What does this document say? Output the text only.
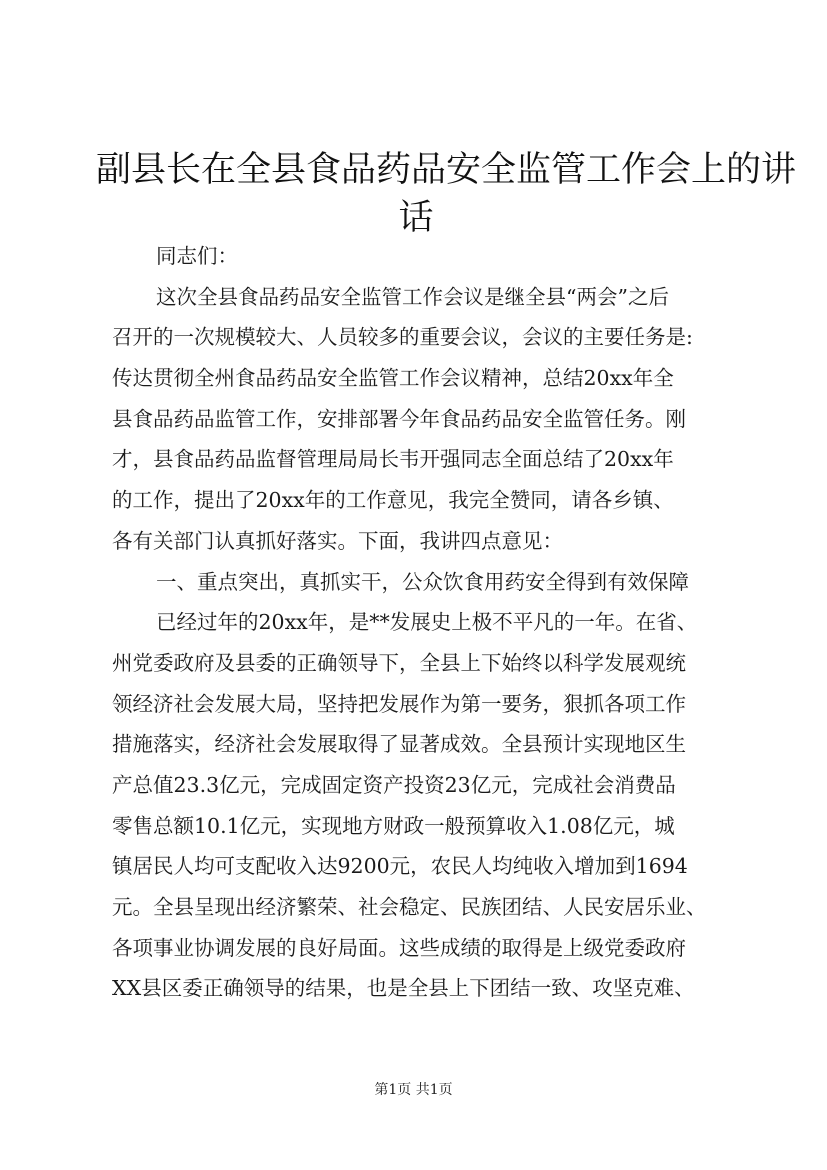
副县长在全县食品药品安全监管工作会上的讲
话
同志们：
这次全县食品药品安全监管工作会议是继全县“两会”之后
召开的一次规模较大、人员较多的重要会议，会议的主要任务是:
传达贯彻全州食品药品安全监管工作会议精神，总结20xx年全
县食品药品监管工作，安排部署今年食品药品安全监管任务。刚
才，县食品药品监督管理局局长韦开强同志全面总结了20xx年
的工作，提出了20xx年的工作意见，我完全赞同，请各乡镇、
各有关部门认真抓好落实。下面，我讲四点意见：
一、重点突出，真抓实干，公众饮食用药安全得到有效保障
已经过年的20xx年，是**发展史上极不平凡的一年。在省、
州党委政府及县委的正确领导下，全县上下始终以科学发展观统
领经济社会发展大局，坚持把发展作为第一要务，狠抓各项工作
措施落实，经济社会发展取得了显著成效。全县预计实现地区生
产总值23.3亿元，完成固定资产投资23亿元，完成社会消费品
零售总额10.1亿元，实现地方财政一般预算收入1.08亿元，城
镇居民人均可支配收入达9200元，农民人均纯收入增加到1694
元。全县呈现出经济繁荣、社会稳定、民族团结、人民安居乐业、
各项事业协调发展的良好局面。这些成绩的取得是上级党委政府
XX县区委正确领导的结果，也是全县上下团结一致、攻坚克难、
第1页 共1页
